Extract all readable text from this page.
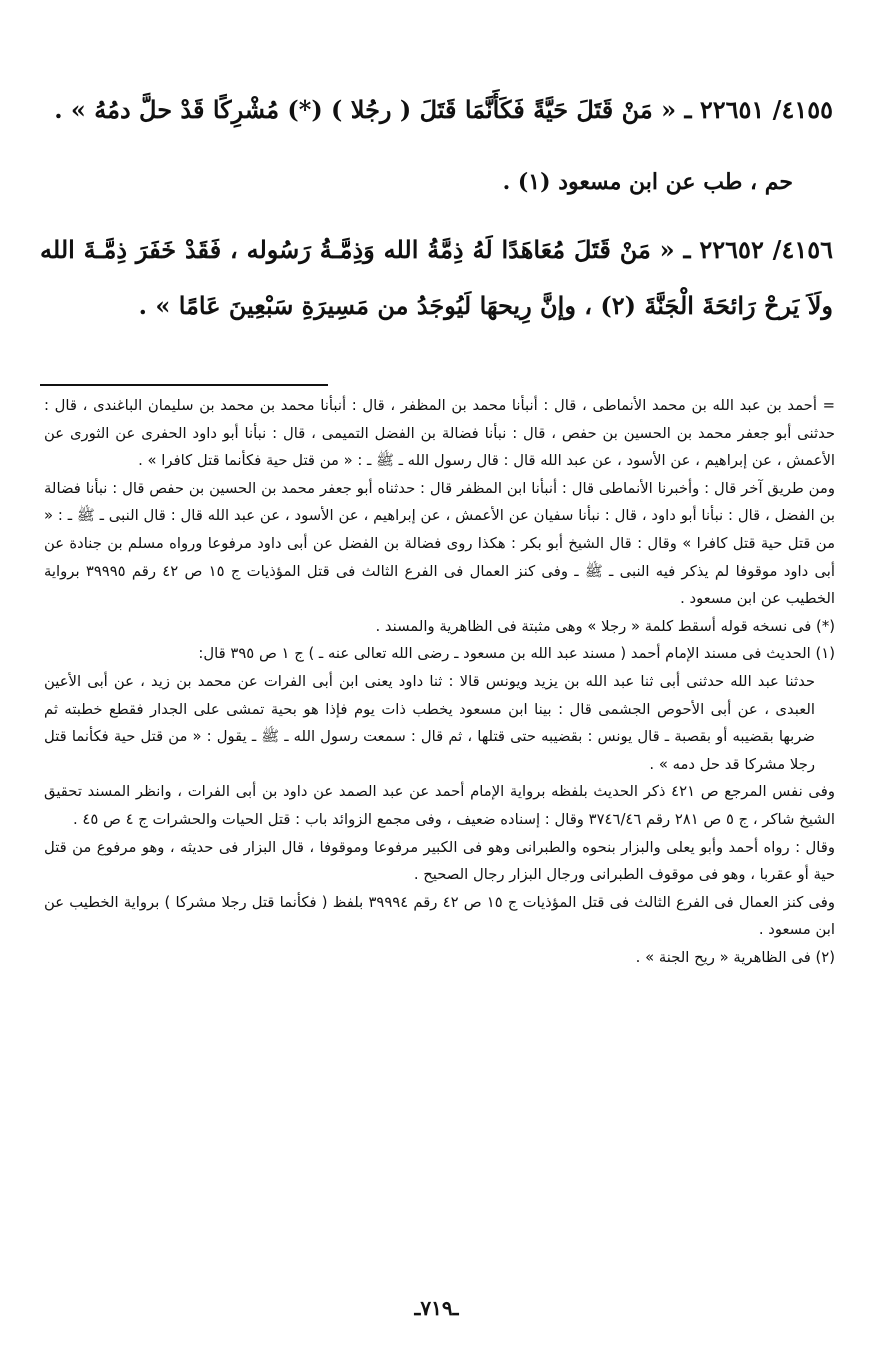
٤١٥٥/ ٢٢٦٥١ ـ « مَنْ قَتَلَ حَيَّةً فَكَأَنَّمَا قَتَلَ ( رجُلا ) (*) مُشْرِكًا قَدْ حلَّ دمُهُ » .
حم ، طب عن ابن مسعود (١) .
٤١٥٦/ ٢٢٦٥٢ ـ « مَنْ قَتَلَ مُعَاهَدًا لَهُ ذِمَّةُ الله وَذِمَّـةُ رَسُوله ، فَقَدْ خَفَرَ ذِمَّـةَ الله ولَاَ يَرحْ رَائحَةَ الْجَنَّةَ (٢) ، وإنَّ رِيحهَا لَيُوجَدُ من مَسِيرَةِ سَبْعِينَ عَامًا » .

= أحمد بن عبد الله بن محمد الأنماطى ، قال : أنبأنا محمد بن المظفر ، قال : أنبأنا محمد بن محمد بن سليمان الباغندى ، قال : حدثنى أبو جعفر محمد بن الحسين بن حفص ، قال : نبأنا فضالة بن الفضل التميمى ، قال : نبأنا أبو داود الحفرى عن الثورى عن الأعمش ، عن إبراهيم ، عن الأسود ، عن عبد الله قال : قال رسول الله ـ ﷺ ـ : « من قتل حية فكأنما قتل كافرا » .

ومن طريق آخر قال : وأخبرنا الأنماطى قال : أنبأنا ابن المظفر قال : حدثناه أبو جعفر محمد بن الحسين بن حفص قال : نبأنا فضالة بن الفضل ، قال : نبأنا أبو داود ، قال : نبأنا سفيان عن الأعمش ، عن إبراهيم ، عن الأسود ، عن عبد الله قال : قال النبى ـ ﷺ ـ : « من قتل حية قتل كافرا » وقال : قال الشيخ أبو بكر : هكذا روى فضالة بن الفضل عن أبى داود مرفوعا ورواه مسلم بن جنادة عن أبى داود موقوفا لم يذكر فيه النبى ـ ﷺ ـ وفى كنز العمال فى الفرع الثالث فى قتل المؤذيات ج ١٥ ص ٤٢ رقم ٣٩٩٩٥ برواية الخطيب عن ابن مسعود .

(*) فى نسخه قوله أسقط كلمة « رجلا » وهى مثبتة فى الظاهرية والمسند .

(١) الحديث فى مسند الإمام أحمد ( مسند عبد الله بن مسعود ـ رضى الله تعالى عنه ـ ) ج ١ ص ٣٩٥ قال:

حدثنا عبد الله حدثنى أبى ثنا عبد الله بن يزيد ويونس قالا : ثنا داود يعنى ابن أبى الفرات عن محمد بن زيد ، عن أبى الأعين العبدى ، عن أبى الأحوص الجشمى قال : بينا ابن مسعود يخطب ذات يوم فإذا هو بحية تمشى على الجدار فقطع خطبته ثم ضربها بقضيبه أو بقصبة ـ قال يونس : بقضيبه حتى قتلها ، ثم قال : سمعت رسول الله ـ ﷺ ـ يقول : « من قتل حية فكأنما قتل رجلا مشركا قد حل دمه » .

وفى نفس المرجع ص ٤٢١ ذكر الحديث بلفظه برواية الإمام أحمد عن عبد الصمد عن داود بن أبى الفرات ، وانظر المسند تحقيق الشيخ شاكر ، ج ٥ ص ٢٨١ رقم ٣٧٤٦/٤٦ وقال : إسناده ضعيف ، وفى مجمع الزوائد باب : قتل الحيات والحشرات ج ٤ ص ٤٥ .

وقال : رواه أحمد وأبو يعلى والبزار بنحوه والطبرانى وهو فى الكبير مرفوعا وموقوفا ، قال البزار فى حديثه ، وهو مرفوع من قتل حية أو عقربا ، وهو فى موقوف الطبرانى ورجال البزار رجال الصحيح .

وفى كنز العمال فى الفرع الثالث فى قتل المؤذيات ج ١٥ ص ٤٢ رقم ٣٩٩٩٤ بلفظ ( فكأنما قتل رجلا مشركا ) برواية الخطيب عن ابن مسعود .

(٢) فى الظاهرية « ريح الجنة » .

ـ٧١٩ـ
